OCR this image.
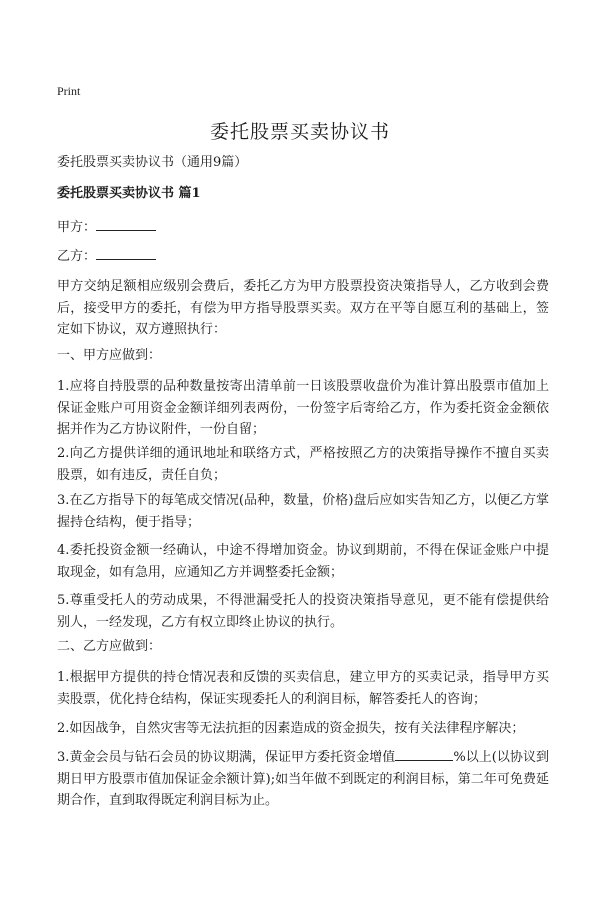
Print
委托股票买卖协议书
委托股票买卖协议书（通用9篇）
委托股票买卖协议书 篇1
甲方：
乙方：
甲方交纳足额相应级别会费后，委托乙方为甲方股票投资决策指导人，乙方收到会费后，接受甲方的委托，有偿为甲方指导股票买卖。双方在平等自愿互利的基础上，签定如下协议，双方遵照执行：
一、甲方应做到：
1.应将自持股票的品种数量按寄出清单前一日该股票收盘价为准计算出股票市值加上保证金账户可用资金金额详细列表两份，一份签字后寄给乙方，作为委托资金金额依据并作为乙方协议附件，一份自留；
2.向乙方提供详细的通讯地址和联络方式，严格按照乙方的决策指导操作不擅自买卖股票，如有违反，责任自负；
3.在乙方指导下的每笔成交情况(品种，数量，价格)盘后应如实告知乙方，以便乙方掌握持仓结构，便于指导；
4.委托投资金额一经确认，中途不得增加资金。协议到期前，不得在保证金账户中提取现金，如有急用，应通知乙方并调整委托金额；
5.尊重受托人的劳动成果，不得泄漏受托人的投资决策指导意见，更不能有偿提供给别人，一经发现，乙方有权立即终止协议的执行。
二、乙方应做到：
1.根据甲方提供的持仓情况表和反馈的买卖信息，建立甲方的买卖记录，指导甲方买卖股票，优化持仓结构，保证实现委托人的利润目标，解答委托人的咨询；
2.如因战争，自然灾害等无法抗拒的因素造成的资金损失，按有关法律程序解决；
3.黄金会员与钻石会员的协议期满，保证甲方委托资金增值	%以上(以协议到期日甲方股票市值加保证金余额计算);如当年做不到既定的利润目标，第二年可免费延期合作，直到取得既定利润目标为止。
